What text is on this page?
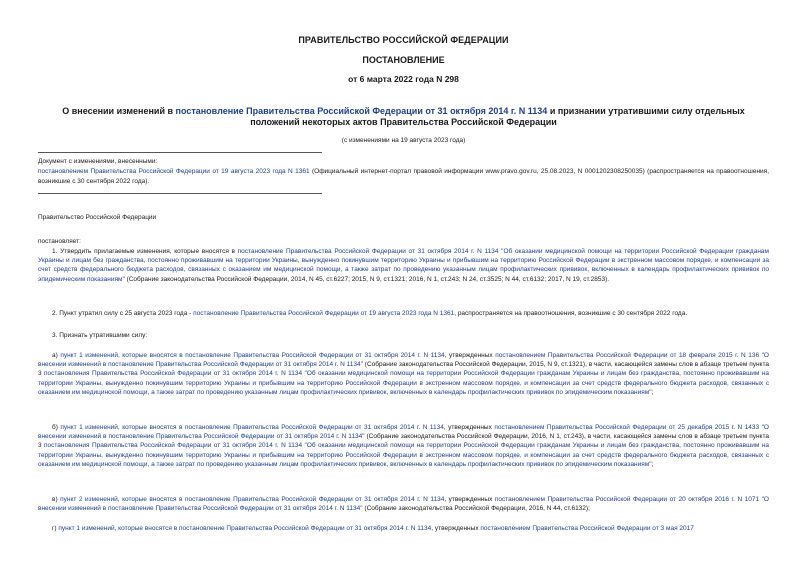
ПРАВИТЕЛЬСТВО РОССИЙСКОЙ ФЕДЕРАЦИИ
ПОСТАНОВЛЕНИЕ
от 6 марта 2022 года N 298
О внесении изменений в постановление Правительства Российской Федерации от 31 октября 2014 г. N 1134 и признании утратившими силу отдельных положений некоторых актов Правительства Российской Федерации
(с изменениями на 19 августа 2023 года)
Документ с изменениями, внесенными:
постановлением Правительства Российской Федерации от 19 августа 2023 года N 1361 (Официальный интернет-портал правовой информации www.pravo.gov.ru, 25.08.2023, N 0001202308250035) (распространяется на правоотношения, возникшие с 30 сентября 2022 года).
Правительство Российской Федерации
постановляет:
1. Утвердить прилагаемые изменения, которые вносятся в постановление Правительства Российской Федерации от 31 октября 2014 г. N 1134 "Об оказании медицинской помощи на территории Российской Федерации гражданам Украины и лицам без гражданства, постоянно проживавшим на территории Украины, вынужденно покинувшим территорию Украины и прибывшим на территорию Российской Федерации в экстренном массовом порядке, и компенсации за счет средств федерального бюджета расходов, связанных с оказанием им медицинской помощи, а также затрат по проведению указанным лицам профилактических прививок, включенных в календарь профилактических прививок по эпидемическим показаниям" (Собрание законодательства Российской Федерации, 2014, N 45, ст.6227; 2015, N 9, ст.1321; 2016, N 1, ст.243; N 24, ст.3525; N 44, ст.6132; 2017, N 19, ст.2853).
2. Пункт утратил силу с 25 августа 2023 года - постановление Правительства Российской Федерации от 19 августа 2023 года N 1361, распространяется на правоотношения, возникшие с 30 сентября 2022 года.
3. Признать утратившими силу:
а) пункт 1 изменений, которые вносятся в постановление Правительства Российской Федерации от 31 октября 2014 г. N 1134, утвержденных постановлением Правительства Российской Федерации от 18 февраля 2015 г. N 136 "О внесении изменений в постановление Правительства Российской Федерации от 31 октября 2014 г. N 1134" (Собрание законодательства Российской Федерации, 2015, N 9, ст.1321), в части, касающейся замены слов в абзаце третьем пункта 3 постановления Правительства Российской Федерации от 31 октября 2014 г. N 1134 "Об оказании медицинской помощи на территории Российской Федерации гражданам Украины и лицам без гражданства, постоянно проживавшим на территории Украины, вынужденно покинувшим территорию Украины и прибывшим на территорию Российской Федерации в экстренном массовом порядке, и компенсации за счет средств федерального бюджета расходов, связанных с оказанием им медицинской помощи, а также затрат по проведению указанным лицам профилактических прививок, включенных в календарь профилактических прививок по эпидемическим показаниям";
б) пункт 1 изменений, которые вносятся в постановление Правительства Российской Федерации от 31 октября 2014 г. N 1134, утвержденных постановлением Правительства Российской Федерации от 25 декабря 2015 г. N 1433 "О внесении изменений в постановление Правительства Российской Федерации от 31 октября 2014 г. N 1134" (Собрание законодательства Российской Федерации, 2016, N 1, ст.243), в части, касающейся замены слов в абзаце третьем пункта 3 постановления Правительства Российской Федерации от 31 октября 2014 г. N 1134 "Об оказании медицинской помощи на территории Российской Федерации гражданам Украины и лицам без гражданства, постоянно проживавшим на территории Украины, вынужденно покинувшим территорию Украины и прибывшим на территорию Российской Федерации в экстренном массовом порядке, и компенсации за счет средств федерального бюджета расходов, связанных с оказанием им медицинской помощи, а также затрат по проведению указанным лицам профилактических прививок, включенных в календарь профилактических прививок по эпидемическим показаниям";
в) пункт 2 изменений, которые вносятся в постановление Правительства Российской Федерации от 31 октября 2014 г. N 1134, утвержденных постановлением Правительства Российской Федерации от 20 октября 2016 г. N 1071 "О внесении изменений в постановление Правительства Российской Федерации от 31 октября 2014 г. N 1134" (Собрание законодательства Российской Федерации, 2016, N 44, ст.6132);
г) пункт 1 изменений, которые вносятся в постановление Правительства Российской Федерации от 31 октября 2014 г. N 1134, утвержденных постановлением Правительства Российской Федерации от 3 мая 2017
